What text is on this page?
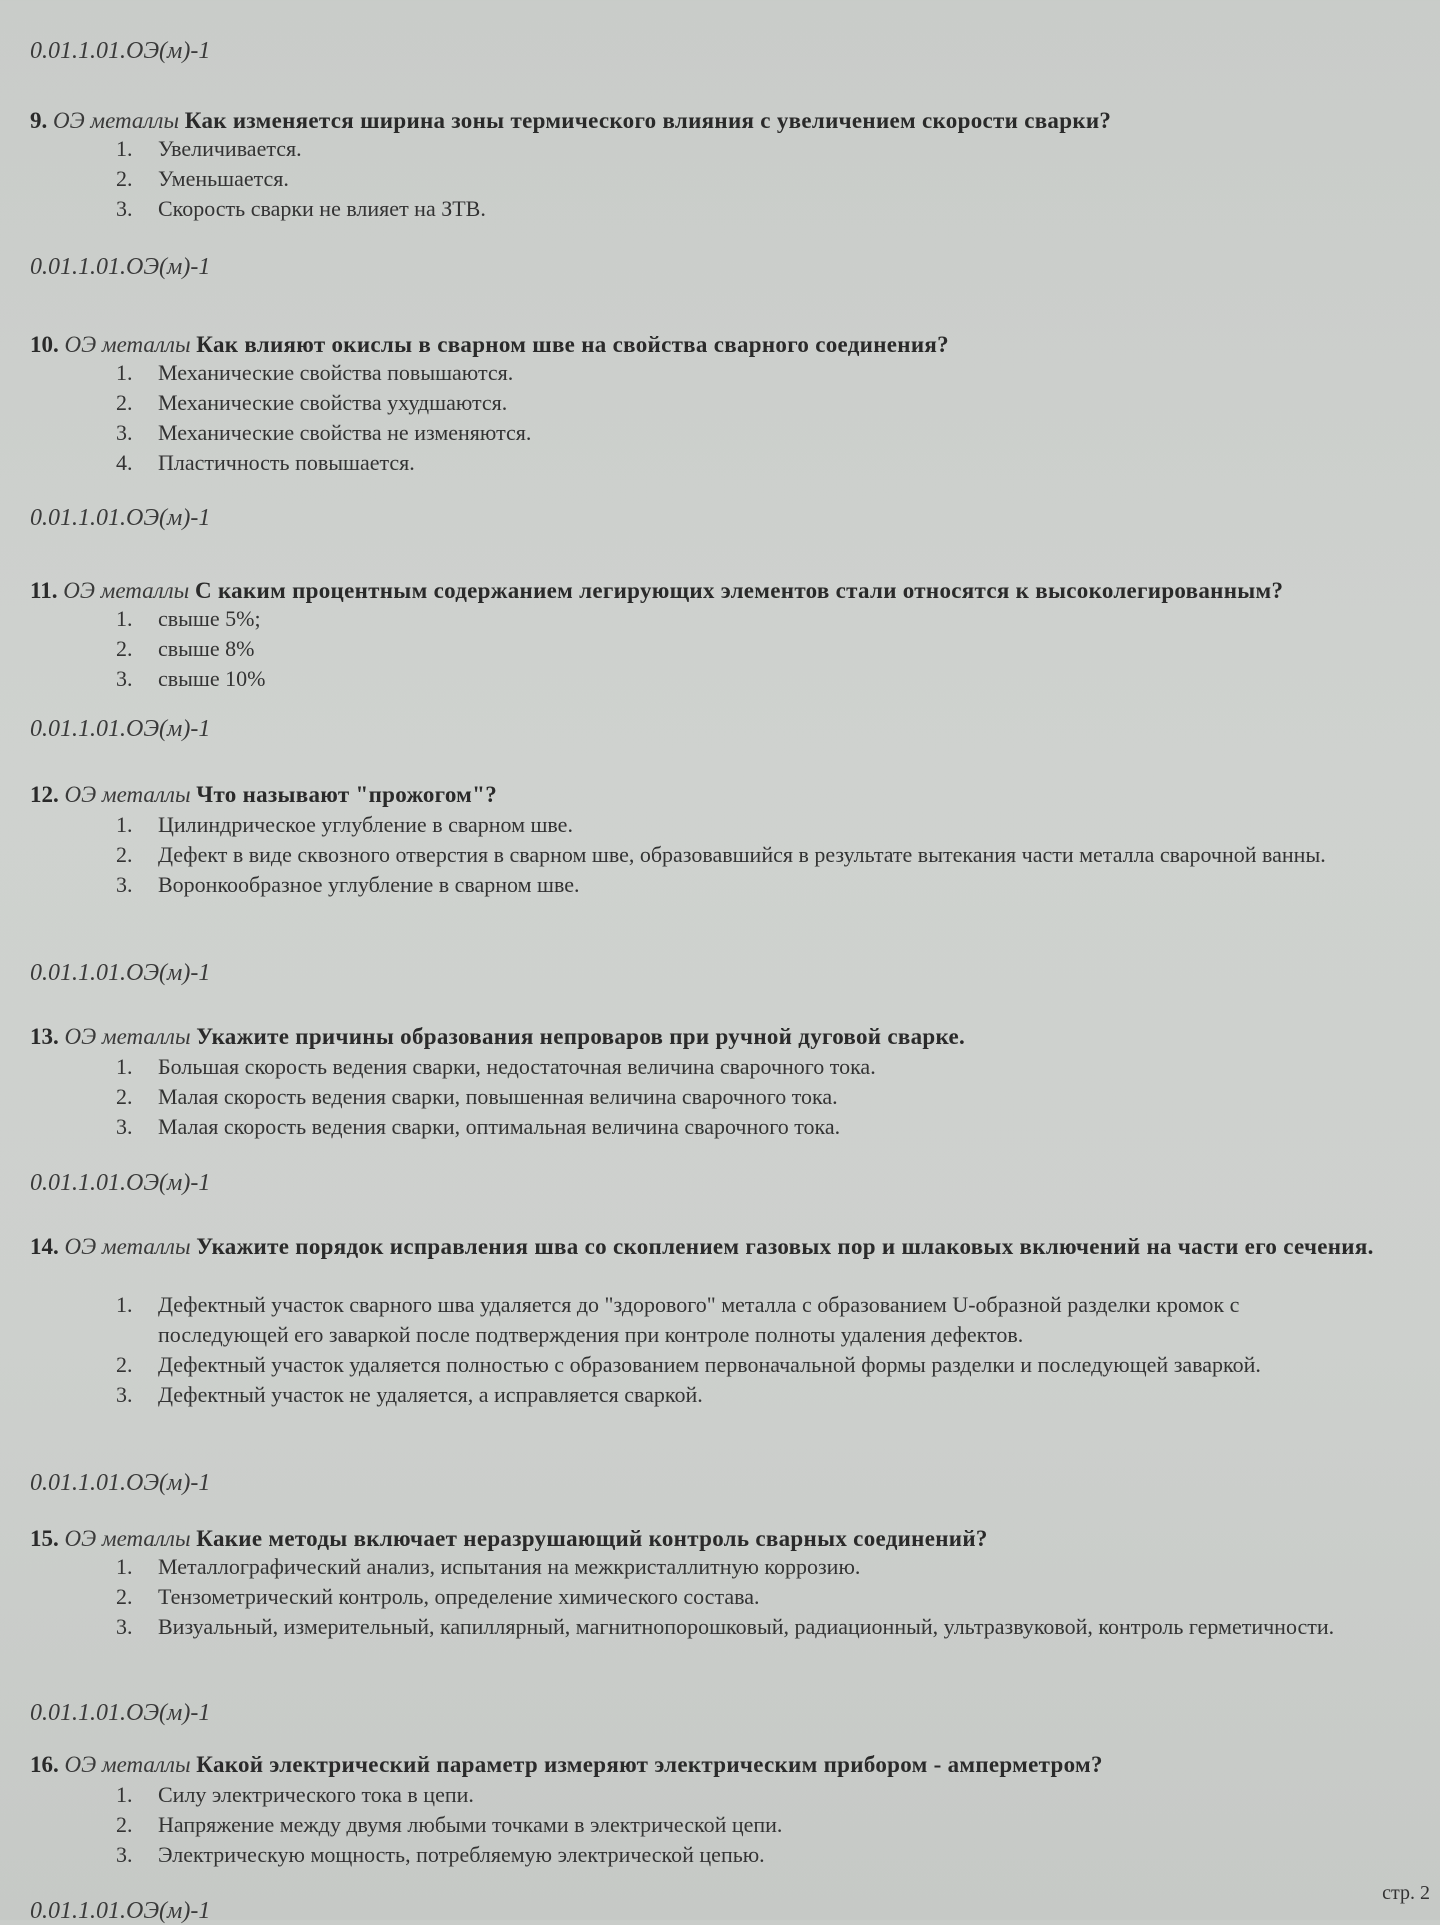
0.01.1.01.ОЭ(м)-1
0.01.1.01.ОЭ(м)-1
0.01.1.01.ОЭ(м)-1
0.01.1.01.ОЭ(м)-1
0.01.1.01.ОЭ(м)-1
0.01.1.01.ОЭ(м)-1
0.01.1.01.ОЭ(м)-1
0.01.1.01.ОЭ(м)-1
0.01.1.01.ОЭ(м)-1
9. ОЭ металлы Как изменяется ширина зоны термического влияния с увеличением скорости сварки?
1. Увеличивается.
2. Уменьшается.
3. Скорость сварки не влияет на ЗТВ.
10. ОЭ металлы Как влияют окислы в сварном шве на свойства сварного соединения?
1. Механические свойства повышаются.
2. Механические свойства ухудшаются.
3. Механические свойства не изменяются.
4. Пластичность повышается.
11. ОЭ металлы С каким процентным содержанием легирующих элементов стали относятся к высоколегированным?
1. свыше 5%;
2. свыше 8%
3. свыше 10%
12. ОЭ металлы Что называют "прожогом"?
1. Цилиндрическое углубление в сварном шве.
2. Дефект в виде сквозного отверстия в сварном шве, образовавшийся в результате вытекания части металла сварочной ванны.
3. Воронкообразное углубление в сварном шве.
13. ОЭ металлы Укажите причины образования непроваров при ручной дуговой сварке.
1. Большая скорость ведения сварки, недостаточная величина сварочного тока.
2. Малая скорость ведения сварки, повышенная величина сварочного тока.
3. Малая скорость ведения сварки, оптимальная величина сварочного тока.
14. ОЭ металлы Укажите порядок исправления шва со скоплением газовых пор и шлаковых включений на части его сечения.
1. Дефектный участок сварного шва удаляется до "здорового" металла с образованием U-образной разделки кромок с последующей его заваркой после подтверждения при контроле полноты удаления дефектов.
2. Дефектный участок удаляется полностью с образованием первоначальной формы разделки и последующей заваркой.
3. Дефектный участок не удаляется, а исправляется сваркой.
15. ОЭ металлы Какие методы включает неразрушающий контроль сварных соединений?
1. Металлографический анализ, испытания на межкристаллитную коррозию.
2. Тензометрический контроль, определение химического состава.
3. Визуальный, измерительный, капиллярный, магнитнопорошковый, радиационный, ультразвуковой, контроль герметичности.
16. ОЭ металлы Какой электрический параметр измеряют электрическим прибором - амперметром?
1. Силу электрического тока в цепи.
2. Напряжение между двумя любыми точками в электрической цепи.
3. Электрическую мощность, потребляемую электрической цепью.
стр. 2
